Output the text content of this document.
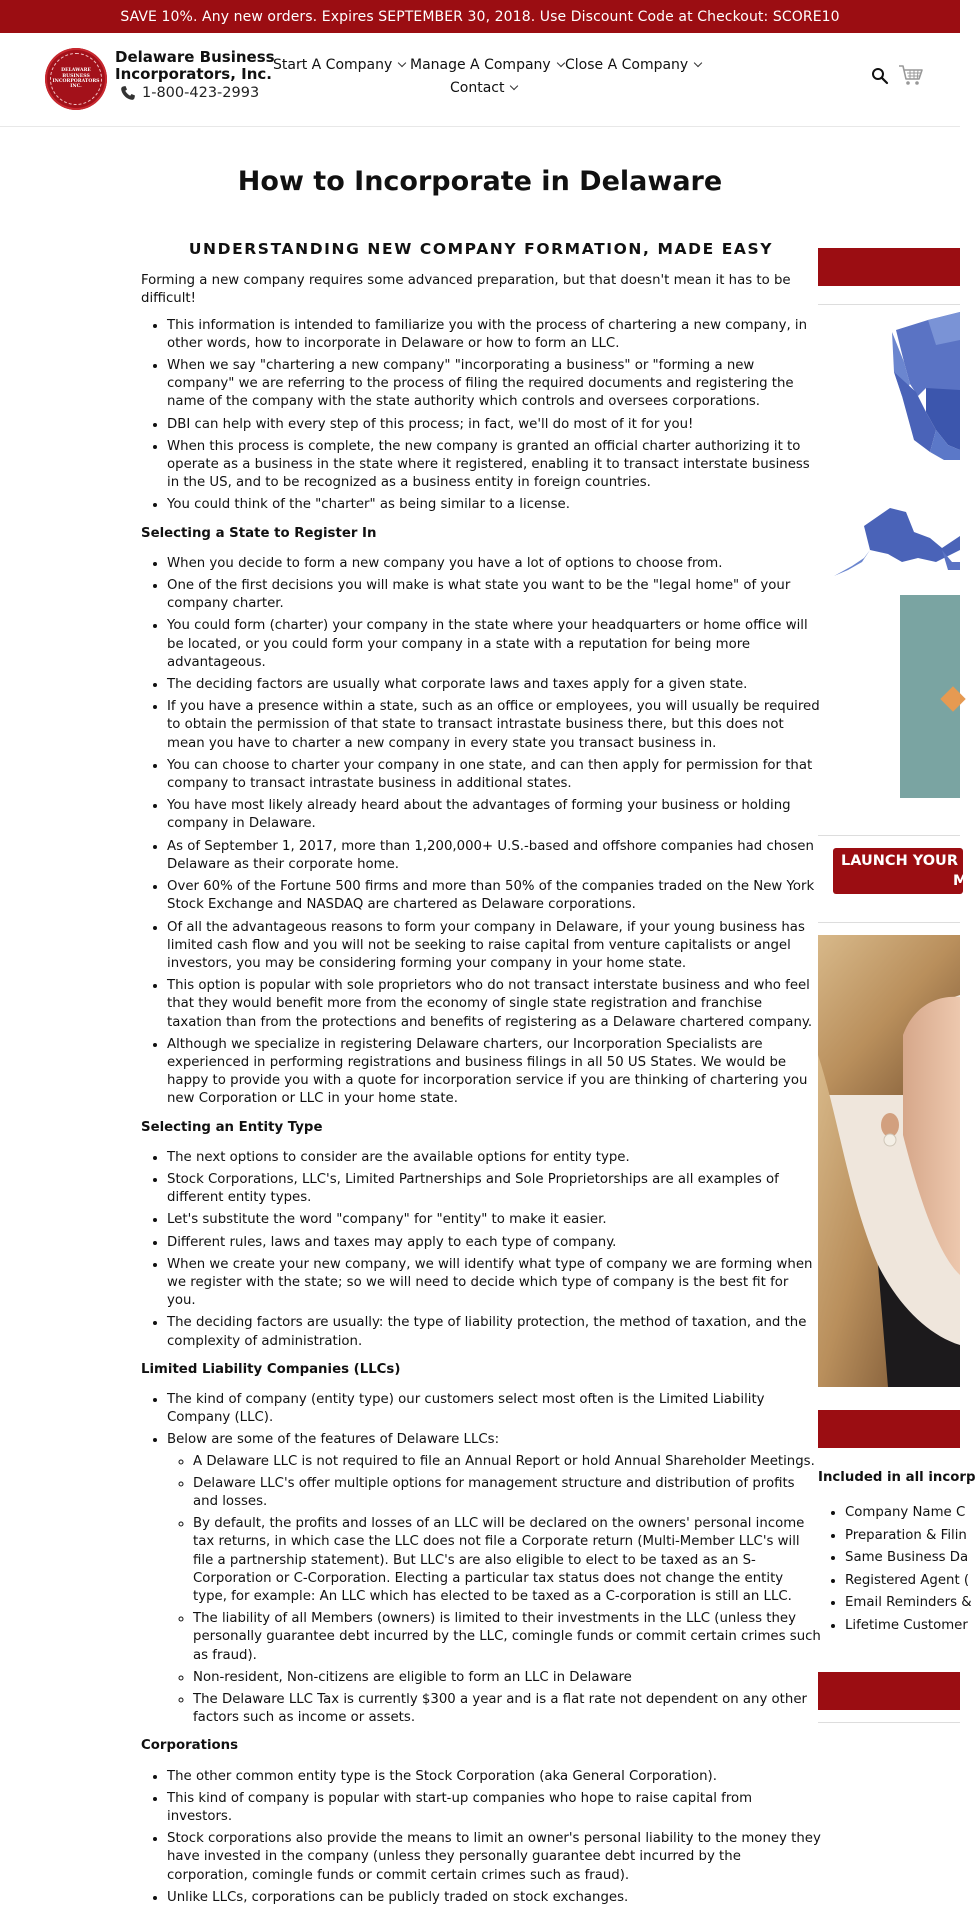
SAVE 10%. Any new orders. Expires SEPTEMBER 30, 2018. Use Discount Code at Checkout: SCORE10
DELAWARE
BUSINESS
INCORPORATORS
INC.
Delaware Business
Incorporators, Inc.
1-800-423-2993
Start A Company Manage A Company Close A Company
Contact
How to Incorporate in Delaware
UNDERSTANDING NEW COMPANY FORMATION, MADE EASY

Forming a new company requires some advanced preparation, but that doesn't mean it has to be difficult!

• This information is intended to familiarize you with the process of chartering a new company, in other words, how to incorporate in Delaware or how to form an LLC.
• When we say "chartering a new company" "incorporating a business" or "forming a new company" we are referring to the process of filing the required documents and registering the name of the company with the state authority which controls and oversees corporations.
• DBI can help with every step of this process; in fact, we'll do most of it for you!
• When this process is complete, the new company is granted an official charter authorizing it to operate as a business in the state where it registered, enabling it to transact interstate business in the US, and to be recognized as a business entity in foreign countries.
• You could think of the "charter" as being similar to a license.
Selecting a State to Register In
• When you decide to form a new company you have a lot of options to choose from.
• One of the first decisions you will make is what state you want to be the "legal home" of your company charter.
• You could form (charter) your company in the state where your headquarters or home office will be located, or you could form your company in a state with a reputation for being more advantageous.
• The deciding factors are usually what corporate laws and taxes apply for a given state.
• If you have a presence within a state, such as an office or employees, you will usually be required to obtain the permission of that state to transact intrastate business there, but this does not mean you have to charter a new company in every state you transact business in.
• You can choose to charter your company in one state, and can then apply for permission for that company to transact intrastate business in additional states.
• You have most likely already heard about the advantages of forming your business or holding company in Delaware.
• As of September 1, 2017, more than 1,200,000+ U.S.-based and offshore companies had chosen Delaware as their corporate home.
• Over 60% of the Fortune 500 firms and more than 50% of the companies traded on the New York Stock Exchange and NASDAQ are chartered as Delaware corporations.
• Of all the advantageous reasons to form your company in Delaware, if your young business has limited cash flow and you will not be seeking to raise capital from venture capitalists or angel investors, you may be considering forming your company in your home state.
• This option is popular with sole proprietors who do not transact interstate business and who feel that they would benefit more from the economy of single state registration and franchise taxation than from the protections and benefits of registering as a Delaware chartered company.
• Although we specialize in registering Delaware charters, our Incorporation Specialists are experienced in performing registrations and business filings in all 50 US States. We would be happy to provide you with a quote for incorporation service if you are thinking of chartering you new Corporation or LLC in your home state.
Selecting an Entity Type
• The next options to consider are the available options for entity type.
• Stock Corporations, LLC's, Limited Partnerships and Sole Proprietorships are all examples of different entity types.
• Let's substitute the word "company" for "entity" to make it easier.
• Different rules, laws and taxes may apply to each type of company.
• When we create your new company, we will identify what type of company we are forming when we register with the state; so we will need to decide which type of company is the best fit for you.
• The deciding factors are usually: the type of liability protection, the method of taxation, and the complexity of administration.
Limited Liability Companies (LLCs)
• The kind of company (entity type) our customers select most often is the Limited Liability Company (LLC).
• Below are some of the features of Delaware LLCs:
◦ A Delaware LLC is not required to file an Annual Report or hold Annual Shareholder Meetings.
◦ Delaware LLC's offer multiple options for management structure and distribution of profits and losses.
◦ By default, the profits and losses of an LLC will be declared on the owners' personal income tax returns, in which case the LLC does not file a Corporate return (Multi-Member LLC's will file a partnership statement). But LLC's are also eligible to elect to be taxed as an S-Corporation or C-Corporation. Electing a particular tax status does not change the entity type, for example: An LLC which has elected to be taxed as a C-corporation is still an LLC.
◦ The liability of all Members (owners) is limited to their investments in the LLC (unless they personally guarantee debt incurred by the LLC, comingle funds or commit certain crimes such as fraud).
◦ Non-resident, Non-citizens are eligible to form an LLC in Delaware
◦ The Delaware LLC Tax is currently $300 a year and is a flat rate not dependent on any other factors such as income or assets.
Corporations
• The other common entity type is the Stock Corporation (aka General Corporation).
• This kind of company is popular with start-up companies who hope to raise capital from investors.
• Stock corporations also provide the means to limit an owner's personal liability to the money they have invested in the company (unless they personally guarantee debt incurred by the corporation, comingle funds or commit certain crimes such as fraud).
• Unlike LLCs, corporations can be publicly traded on stock exchanges.
LAUNCH YOUR
M
Included in all incorp
• Company Name C
• Preparation & Filin
• Same Business Da
• Registered Agent (
• Email Reminders &
• Lifetime Customer
